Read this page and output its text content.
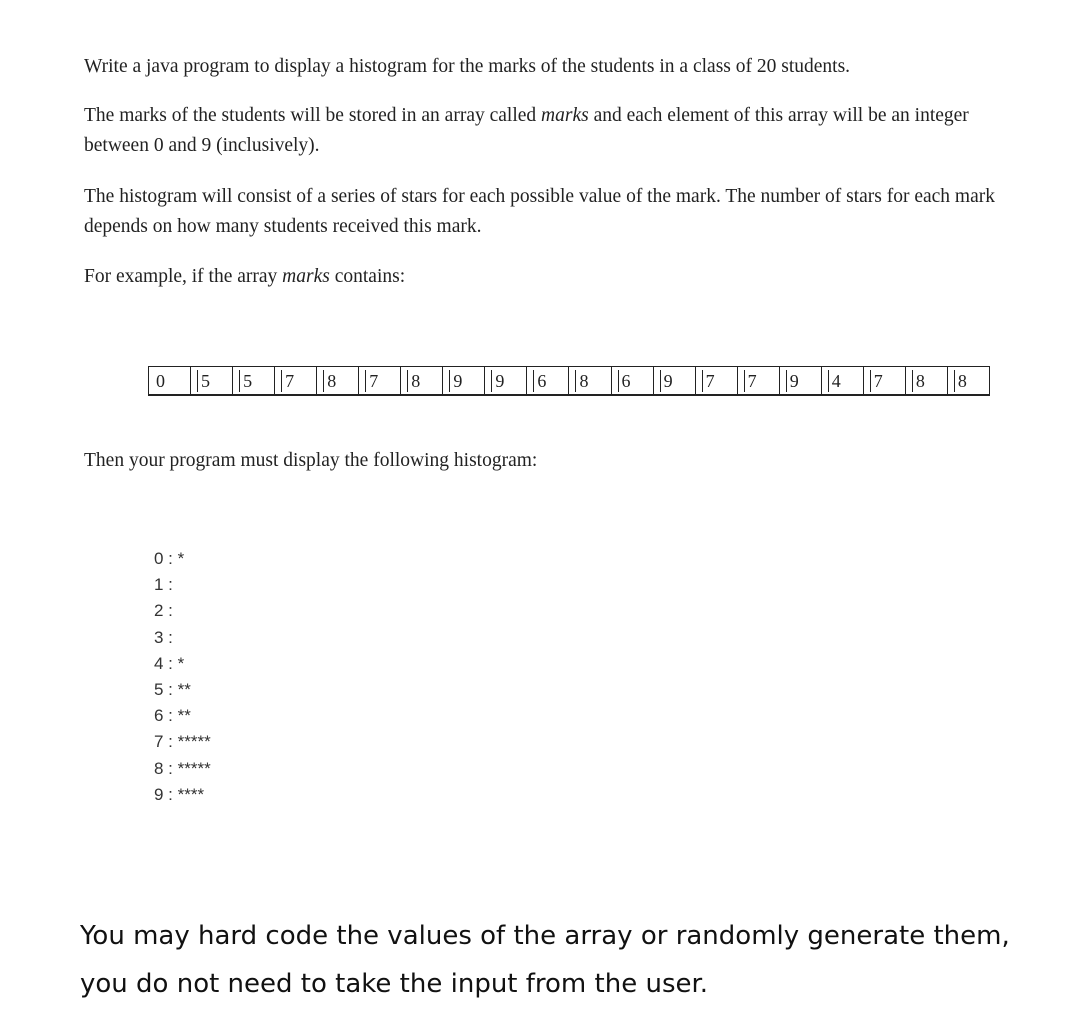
Write a java program to display a histogram for the marks of the students in a class of 20 students.

The marks of the students will be stored in an array called marks and each element of this array will be an integer between 0 and 9 (inclusively).

The histogram will consist of a series of stars for each possible value of the mark. The number of stars for each mark depends on how many students received this mark.

For example, if the array marks contains:

0 5 5 7 8 7 8 9 9 6 8 6 9 7 7 9 4 7 8 8

Then your program must display the following histogram:

0 : *
1 :
2 :
3 :
4 : *
5 : **
6 : **
7 : *****
8 : *****
9 : ****

You may hard code the values of the array or randomly generate them, you do not need to take the input from the user.
